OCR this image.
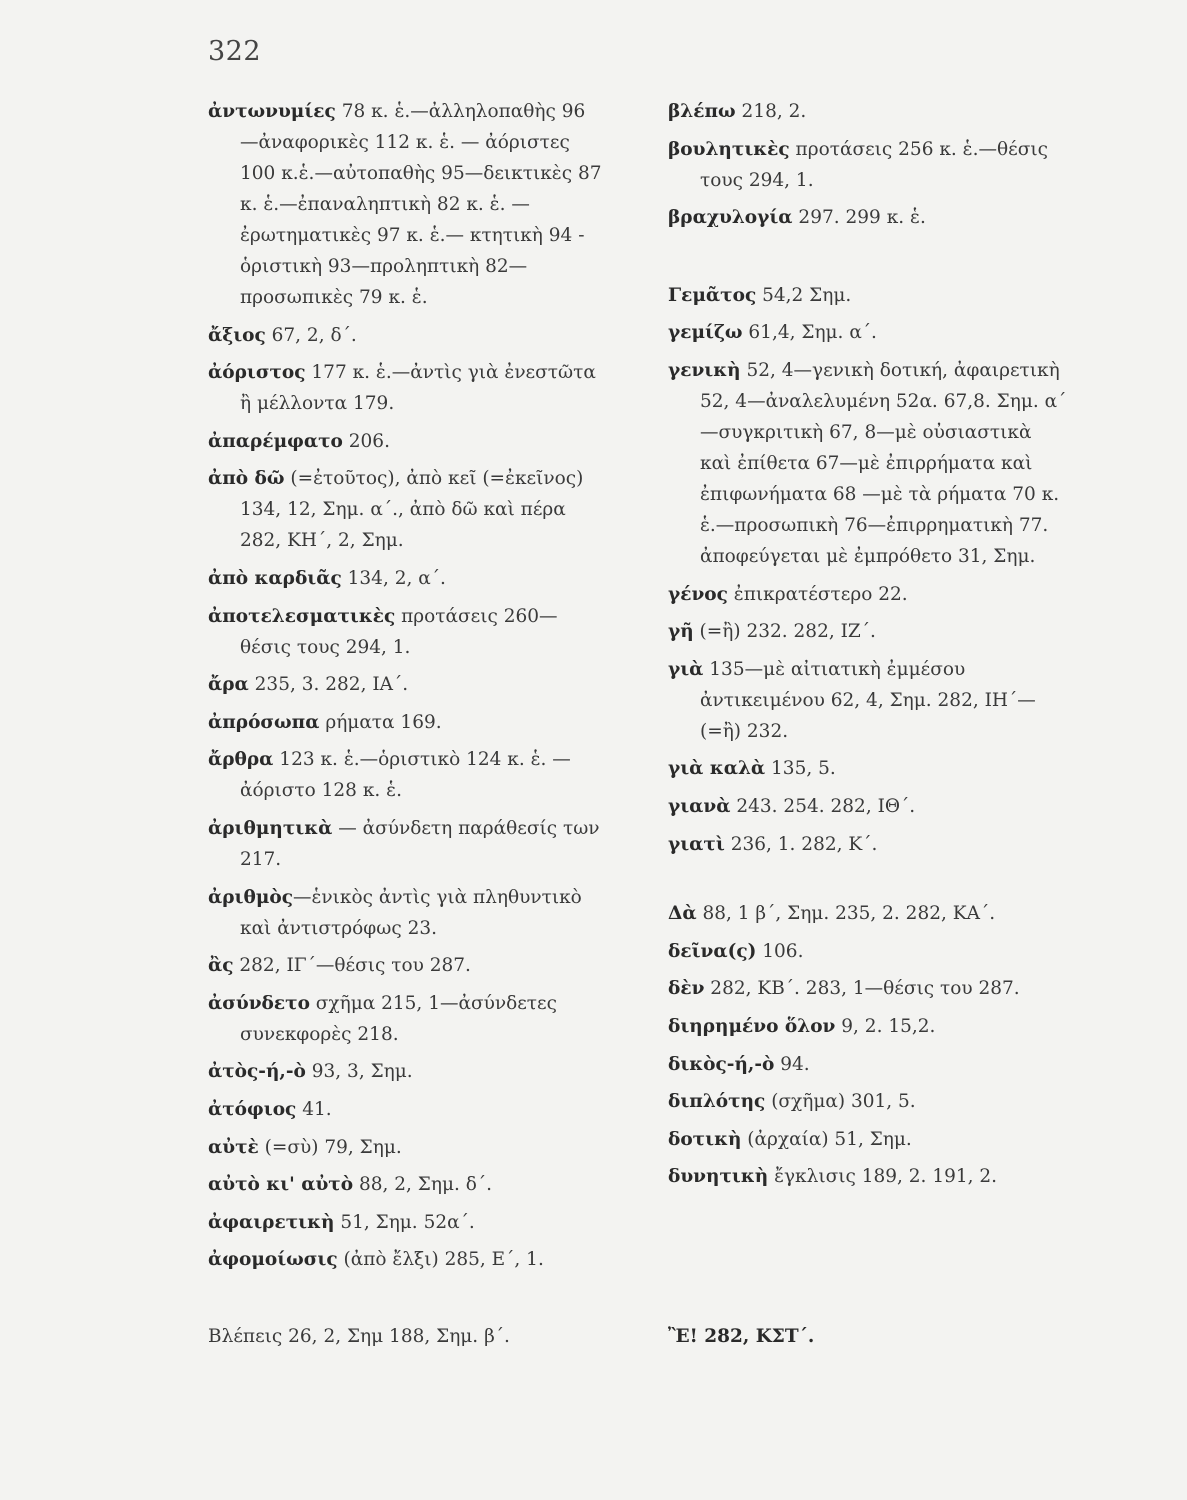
322
ἀντωνυμίες 78 κ. ἑ.—ἀλληλοπαθὴς 96—ἀναφορικὲς 112 κ. ἑ. — ἀόριστες 100 κ.ἑ.—αὐτοπαθὴς 95—δεικτικὲς 87 κ. ἑ.—ἐπαναληπτικὴ 82 κ. ἑ. — ἐρωτηματικὲς 97 κ. ἑ.— κτητικὴ 94 - ὁριστικὴ 93—προληπτικὴ 82—προσωπικὲς 79 κ. ἑ.
ἄξιος 67, 2, δ΄.
ἀόριστος 177 κ. ἑ.—ἀντὶς γιὰ ἐνεστῶτα ἢ μέλλοντα 179.
ἀπαρέμφατο 206.
ἀπὸ δῶ (=ἐτοῦτος), ἀπὸ κεῖ (=ἐκεῖνος) 134, 12, Σημ. α΄., ἀπὸ δῶ καὶ πέρα 282, ΚΗ΄, 2, Σημ.
ἀπὸ καρδιᾶς 134, 2, α΄.
ἀποτελεσματικὲς προτάσεις 260— θέσις τους 294, 1.
ἄρα 235, 3. 282, ΙΑ΄.
ἀπρόσωπα ρήματα 169.
ἄρθρα 123 κ. ἑ.—ὁριστικὸ 124 κ. ἑ. —ἀόριστο 128 κ. ἑ.
ἀριθμητικὰ — ἀσύνδετη παράθεσίς των 217.
ἀριθμὸς—ἑνικὸς ἀντὶς γιὰ πληθυντικὸ καὶ ἀντιστρόφως 23.
ἂς 282, ΙΓ΄—θέσις του 287.
ἀσύνδετο σχῆμα 215, 1—ἀσύνδετες συνεκφορὲς 218.
ἀτὸς-ή,-ὸ 93, 3, Σημ.
ἀτόφιος 41.
αὐτὲ (=σὺ) 79, Σημ.
αὐτὸ κι' αὐτὸ 88, 2, Σημ. δ΄.
ἀφαιρετικὴ 51, Σημ. 52α΄.
ἀφομοίωσις (ἀπὸ ἔλξι) 285, Ε΄, 1.
βλέπω 218, 2.
βουλητικὲς προτάσεις 256 κ. ἑ.—θέσις τους 294, 1.
βραχυλογία 297. 299 κ. ἑ.
Γεμᾶτος 54,2 Σημ.
γεμίζω 61,4, Σημ. α΄.
γενικὴ 52, 4—γενικὴ δοτική, ἀφαιρετικὴ 52, 4—ἀναλελυμένη 52α. 67,8. Σημ. α΄—συγκριτικὴ 67, 8—μὲ οὐσιαστικὰ καὶ ἐπίθετα 67—μὲ ἐπιρρήματα καὶ ἐπιφωνήματα 68 —μὲ τὰ ρήματα 70 κ. ἑ.—προσωπικὴ 76—ἐπιρρηματικὴ 77. ἀποφεύγεται μὲ ἐμπρόθετο 31, Σημ.
γένος ἐπικρατέστερο 22.
γῆ (=ἢ) 232. 282, ΙΖ΄.
γιὰ 135—μὲ αἰτιατικὴ ἐμμέσου ἀντικειμένου 62, 4, Σημ. 282, ΙΗ΄— (=ἢ) 232.
γιὰ καλὰ 135, 5.
γιανὰ 243. 254. 282, ΙΘ΄.
γιατὶ 236, 1. 282, Κ΄.
Δὰ 88, 1 β΄, Σημ. 235, 2. 282, ΚΑ΄.
δεῖνα(ς) 106.
δὲν 282, ΚΒ΄. 283, 1—θέσις του 287.
διηρημένο ὅλον 9, 2. 15,2.
δικὸς-ή,-ὸ 94.
διπλότης (σχῆμα) 301, 5.
δοτικὴ (ἀρχαία) 51, Σημ.
δυνητικὴ ἔγκλισις 189, 2. 191, 2.
Βλέπεις 26, 2, Σημ 188, Σημ. β΄.	Ἒ! 282, ΚΣΤ΄.
